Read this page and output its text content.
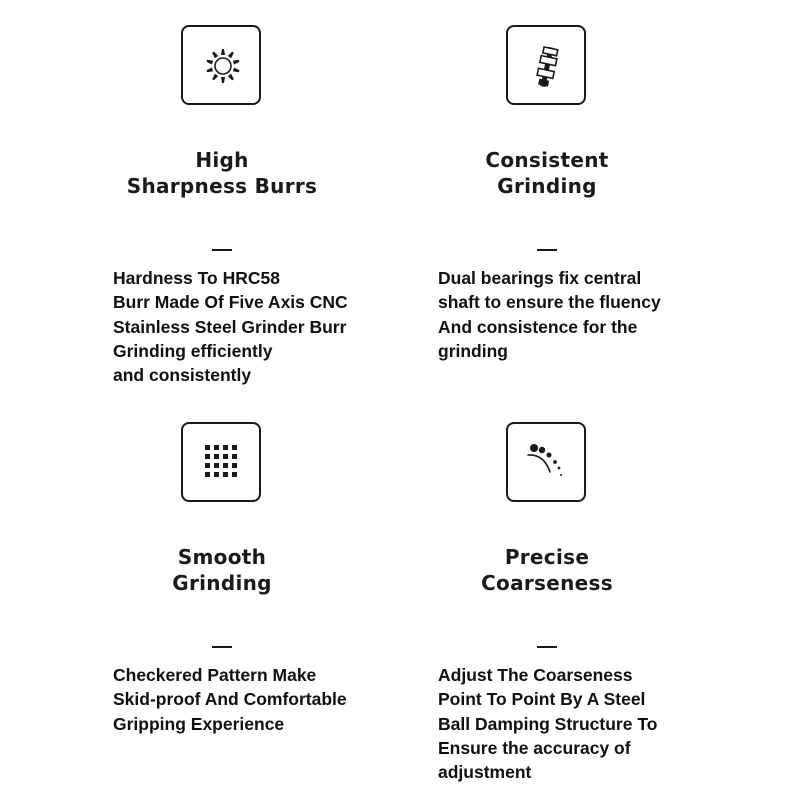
High
Sharpness Burrs
Hardness To HRC58
Burr Made Of Five Axis CNC
Stainless Steel Grinder Burr
Grinding efficiently
and consistently
Consistent
Grinding
Dual bearings fix central
shaft to ensure the fluency
And consistence for the
grinding
Smooth
Grinding
Checkered Pattern Make
Skid-proof And Comfortable
Gripping Experience
Precise
Coarseness
Adjust The Coarseness
Point To Point By A Steel
Ball Damping Structure To
Ensure the accuracy of
adjustment
